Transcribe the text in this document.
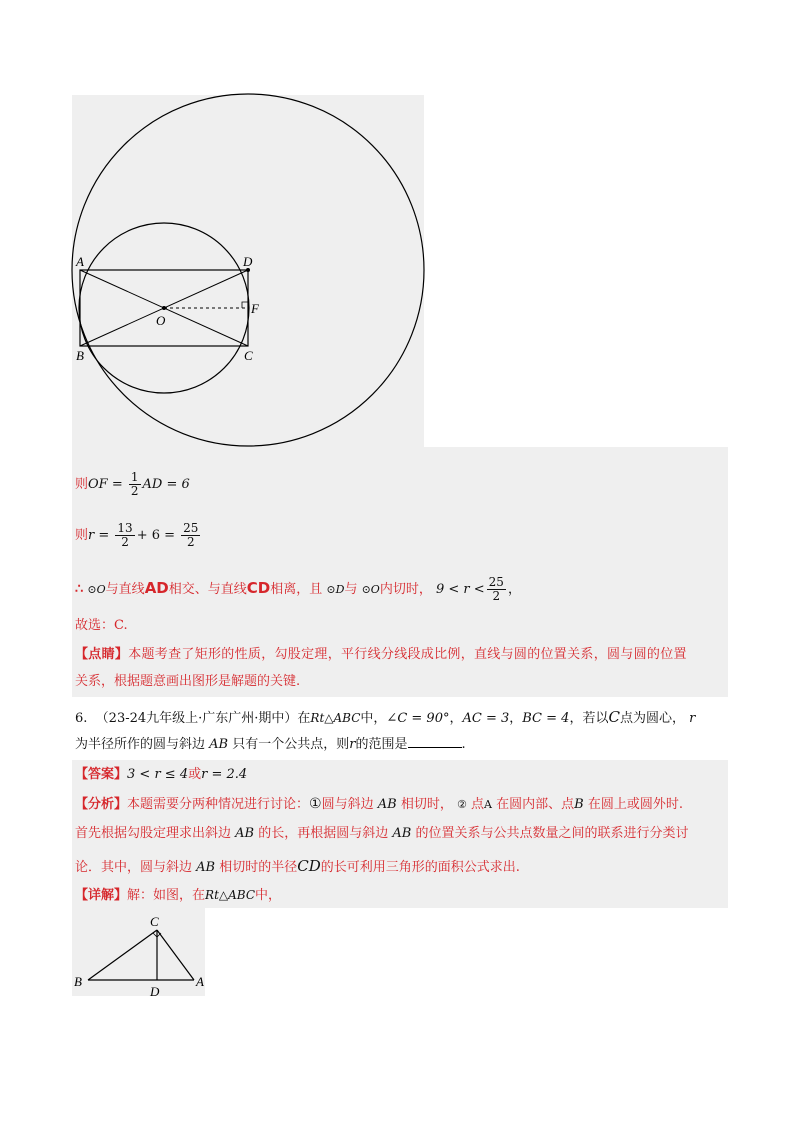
A	D
O
F
B	C
则OF = $\frac{1}{2}$ AD = 6
则$r = \frac{13}{2} + 6 = \frac{25}{2}$
∴ ⊙O与直线AD相交、与直线CD相离，且 ⊙D与 ⊙O内切时， $9 < r < \frac{25}{2}$ ，
故选：C.
【点睛】本题考查了矩形的性质，勾股定理，平行线分线段成比例，直线与圆的位置关系，圆与圆的位置
关系，根据题意画出图形是解题的关键.
6. （23-24九年级上·广东广州·期中）在Rt△ABC中，∠C = 90°，AC = 3，BC = 4，若以C点为圆心， r
为半径所作的圆与斜边 AB 只有一个公共点，则r的范围是	.
【答案】3 < r ≤ 4或r = 2.4
【分析】本题需要分两种情况进行讨论：①圆与斜边 AB 相切时， ② 点A 在圆内部、点B 在圆上或圆外时.
首先根据勾股定理求出斜边 AB 的长，再根据圆与斜边 AB 的位置关系与公共点数量之间的联系进行分类讨
论．其中，圆与斜边 AB 相切时的半径CD的长可利用三角形的面积公式求出.
【详解】解：如图，在Rt△ABC中，
C
B
D
A
